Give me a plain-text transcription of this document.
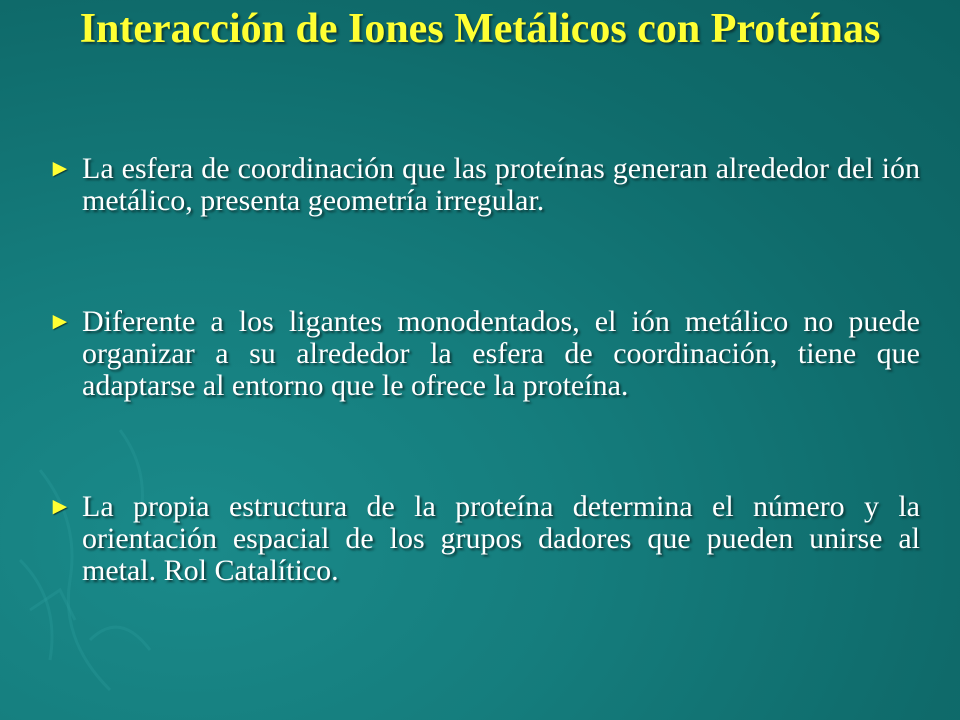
Interacción de Iones Metálicos con Proteínas
► La esfera de coordinación que las proteínas generan alrededor del ión metálico, presenta geometría irregular.
► Diferente a los ligantes monodentados, el ión metálico no puede organizar a su alrededor la esfera de coordinación, tiene que adaptarse al entorno que le ofrece la proteína.
► La propia estructura de la proteína determina el número y la orientación espacial de los grupos dadores que pueden unirse al metal. Rol Catalítico.
